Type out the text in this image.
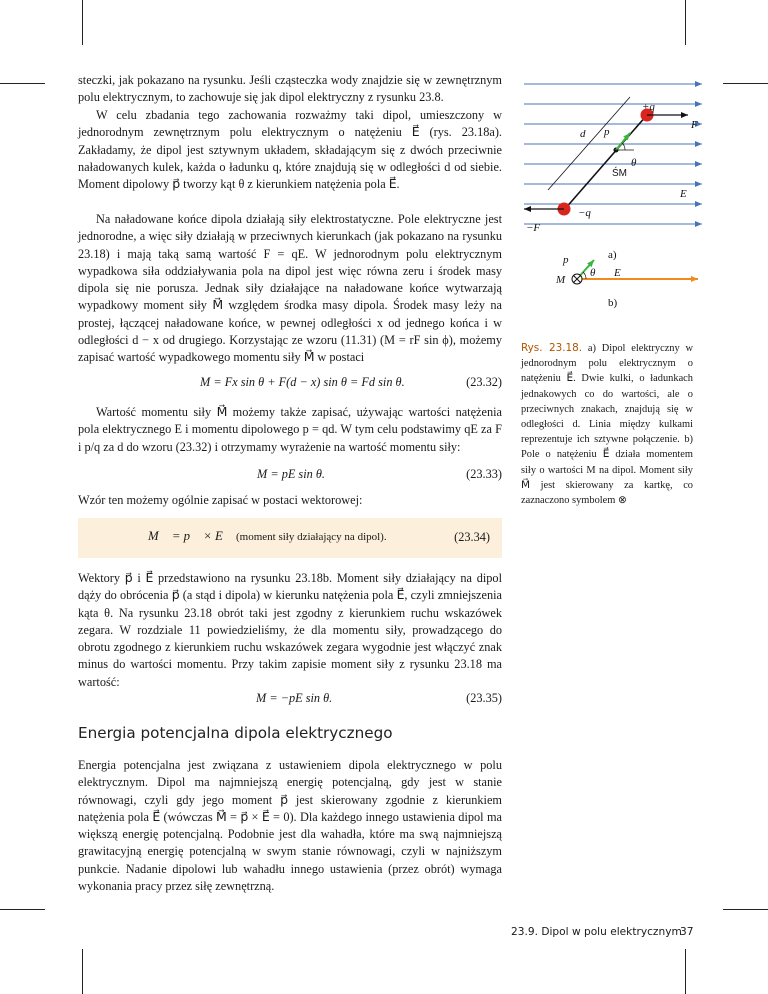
steczki, jak pokazano na rysunku. Jeśli cząsteczka wody znajdzie się w zewnętrznym polu elektrycznym, to zachowuje się jak dipol elektryczny z rysunku 23.8.
W celu zbadania tego zachowania rozważmy taki dipol, umieszczony w jednorodnym zewnętrznym polu elektrycznym o natężeniu E⃗ (rys. 23.18a). Zakładamy, że dipol jest sztywnym układem, składającym się z dwóch przeciwnie naładowanych kulek, każda o ładunku q, które znajdują się w odległości d od siebie. Moment dipolowy p⃗ tworzy kąt θ z kierunkiem natężenia pola E⃗.
Na naładowane końce dipola działają siły elektrostatyczne. Pole elektryczne jest jednorodne, a więc siły działają w przeciwnych kierunkach (jak pokazano na rysunku 23.18) i mają taką samą wartość F = qE. W jednorodnym polu elektrycznym wypadkowa siła oddziaływania pola na dipol jest więc równa zeru i środek masy dipola się nie porusza. Jednak siły działające na naładowane końce wytwarzają wypadkowy moment siły M⃗ względem środka masy dipola. Środek masy leży na prostej, łączącej naładowane końce, w pewnej odległości x od jednego końca i w odległości d − x od drugiego. Korzystając ze wzoru (11.31) (M = rF sin ϕ), możemy zapisać wartość wypadkowego momentu siły M⃗ w postaci
M = Fx sin θ + F(d − x) sin θ = Fd sin θ.	(23.32)
Wartość momentu siły M⃗ możemy także zapisać, używając wartości natężenia pola elektrycznego E i momentu dipolowego p = qd. W tym celu podstawimy qE za F i p/q za d do wzoru (23.32) i otrzymamy wyrażenie na wartość momentu siły:
M = pE sin θ.	(23.33)
Wzór ten możemy ogólnie zapisać w postaci wektorowej:
M⃗ = p⃗ × E⃗ (moment siły działający na dipol).	(23.34)
Wektory p⃗ i E⃗ przedstawiono na rysunku 23.18b. Moment siły działający na dipol dąży do obrócenia p⃗ (a stąd i dipola) w kierunku natężenia pola E⃗, czyli zmniejszenia kąta θ. Na rysunku 23.18 obrót taki jest zgodny z kierunkiem ruchu wskazówek zegara. W rozdziale 11 powiedzieliśmy, że dla momentu siły, prowadzącego do obrotu zgodnego z kierunkiem ruchu wskazówek zegara wygodnie jest włączyć znak minus do wartości momentu. Przy takim zapisie moment siły z rysunku 23.18 ma wartość:
M = −pE sin θ.	(23.35)
Energia potencjalna dipola elektrycznego
Energia potencjalna jest związana z ustawieniem dipola elektrycznego w polu elektrycznym. Dipol ma najmniejszą energię potencjalną, gdy jest w stanie równowagi, czyli gdy jego moment p⃗ jest skierowany zgodnie z kierunkiem natężenia pola E⃗ (wówczas M⃗ = p⃗ × E⃗ = 0). Dla każdego innego ustawienia dipol ma większą energię potencjalną. Podobnie jest dla wahadła, które ma swą najmniejszą grawitacyjną energię potencjalną w swym stanie równowagi, czyli w najniższym punkcie. Nadanie dipolowi lub wahadłu innego ustawienia (przez obrót) wymaga wykonania pracy przez siłę zewnętrzną.
+q
F⃗
d p⃗
θ
ŚM
E⃗
−q
−F⃗
a)
p⃗
θ E⃗
M⃗
b)
Rys. 23.18. a) Dipol elektryczny w jednorodnym polu elektrycznym o natężeniu E⃗. Dwie kulki, o ładunkach jednakowych co do wartości, ale o przeciwnych znakach, znajdują się w odległości d. Linia między kulkami reprezentuje ich sztywne połączenie. b) Pole o natężeniu E⃗ działa momentem siły o wartości M na dipol. Moment siły M⃗ jest skierowany za kartkę, co zaznaczono symbolem ⊗
23.9. Dipol w polu elektrycznym
37
